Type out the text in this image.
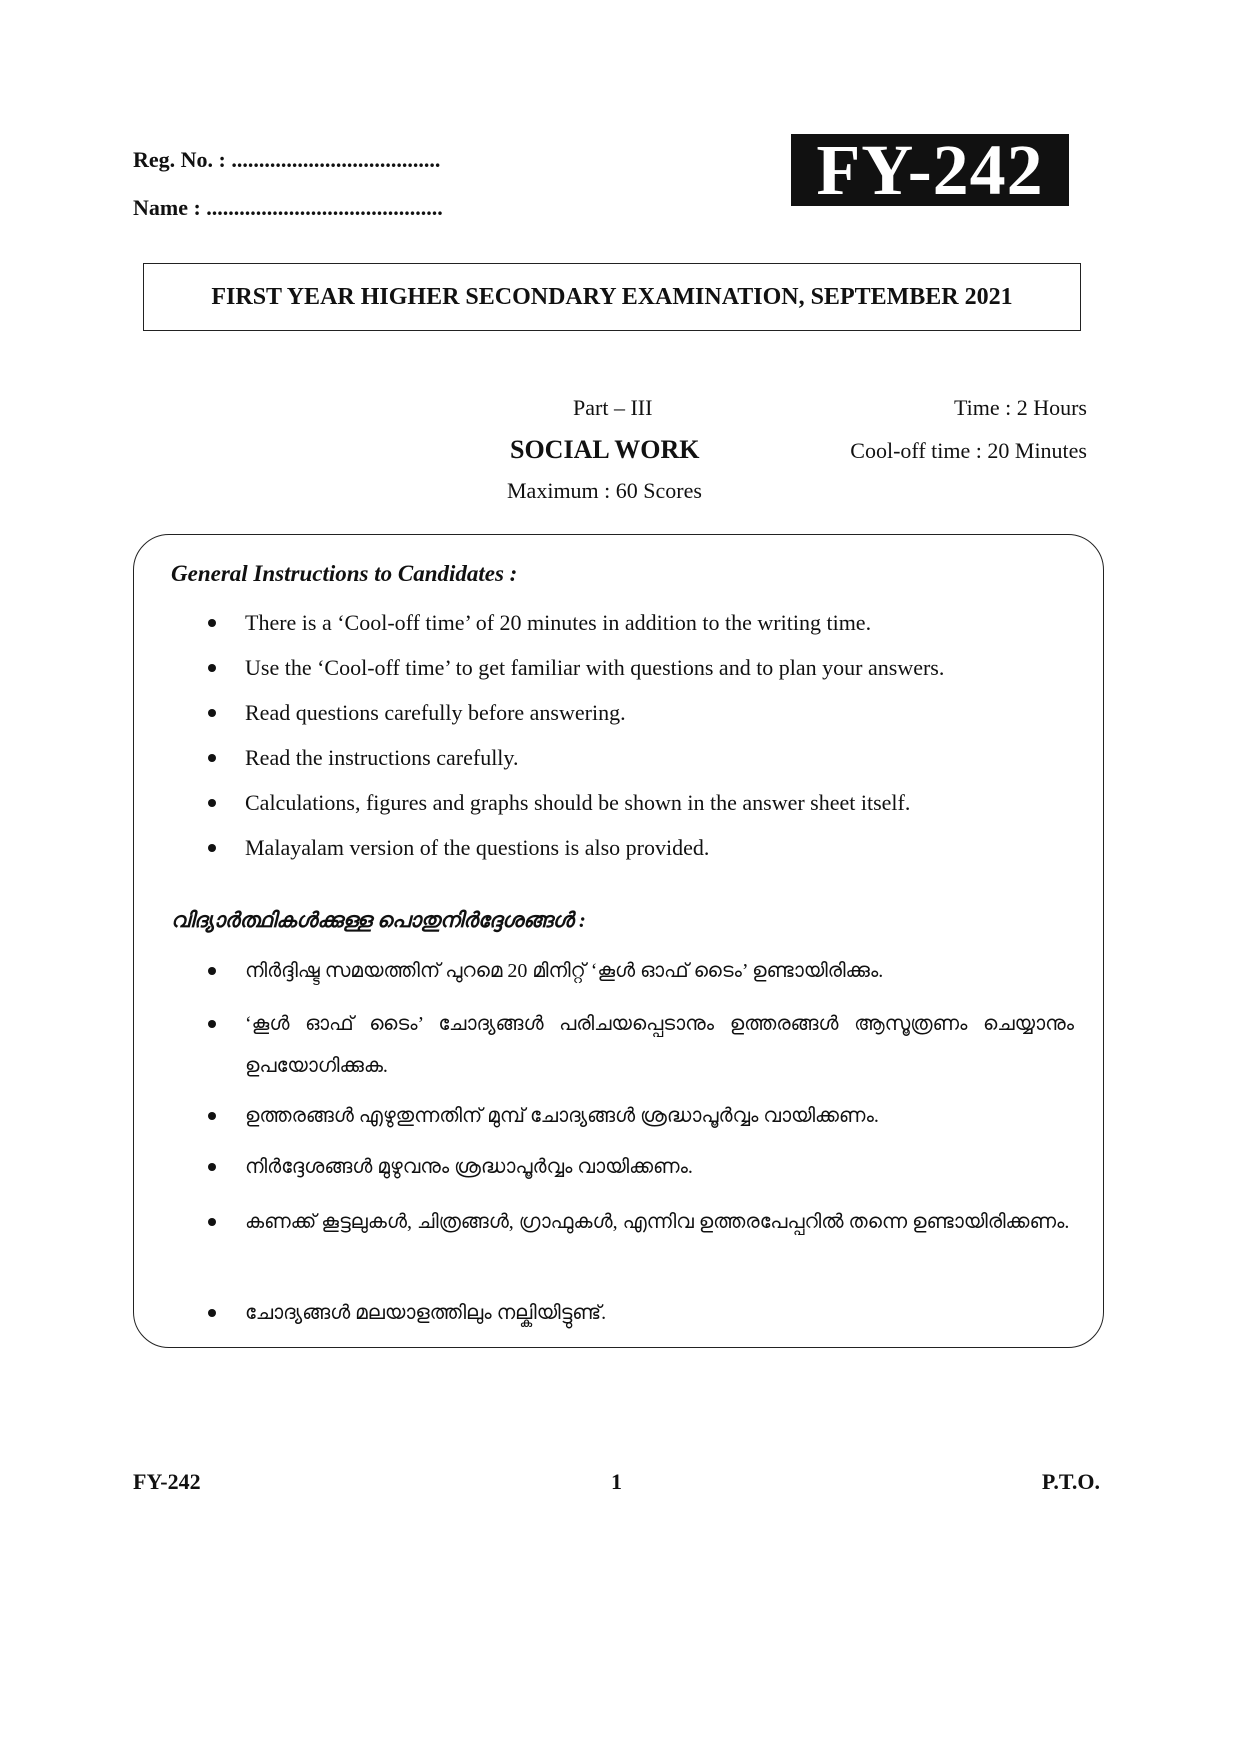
Reg. No. : ......................................
Name : ...........................................	FY-242
FIRST YEAR HIGHER SECONDARY EXAMINATION, SEPTEMBER 2021
Part – III
SOCIAL WORK
Maximum : 60 Scores
Time : 2 Hours
Cool-off time : 20 Minutes
General Instructions to Candidates :
There is a ‘Cool-off time’ of 20 minutes in addition to the writing time.
Use the ‘Cool-off time’ to get familiar with questions and to plan your answers.
Read questions carefully before answering.
Read the instructions carefully.
Calculations, figures and graphs should be shown in the answer sheet itself.
Malayalam version of the questions is also provided.
വിദ്യാർത്ഥികൾക്കുള്ള പൊതുനിർദ്ദേശങ്ങൾ :
നിർദ്ദിഷ്ട സമയത്തിന് പുറമെ 20 മിനിറ്റ് ‘കൂൾ ഓഫ് ടൈം’ ഉണ്ടായിരിക്കും.
‘കൂൾ ഓഫ് ടൈം’ ചോദ്യങ്ങൾ പരിചയപ്പെടാനും ഉത്തരങ്ങൾ ആസൂത്രണം ചെയ്യാനും ഉപയോഗിക്കുക.
ഉത്തരങ്ങൾ എഴുതുന്നതിന് മുമ്പ് ചോദ്യങ്ങൾ ശ്രദ്ധാപൂർവ്വം വായിക്കണം.
നിർദ്ദേശങ്ങൾ മുഴുവനും ശ്രദ്ധാപൂർവ്വം വായിക്കണം.
കണക്ക് കൂട്ടലുകൾ, ചിത്രങ്ങൾ, ഗ്രാഫുകൾ, എന്നിവ ഉത്തരപേപ്പറിൽ തന്നെ ഉണ്ടായിരിക്കണം.
ചോദ്യങ്ങൾ മലയാളത്തിലും നല്കിയിട്ടുണ്ട്.
FY-242	1	P.T.O.
